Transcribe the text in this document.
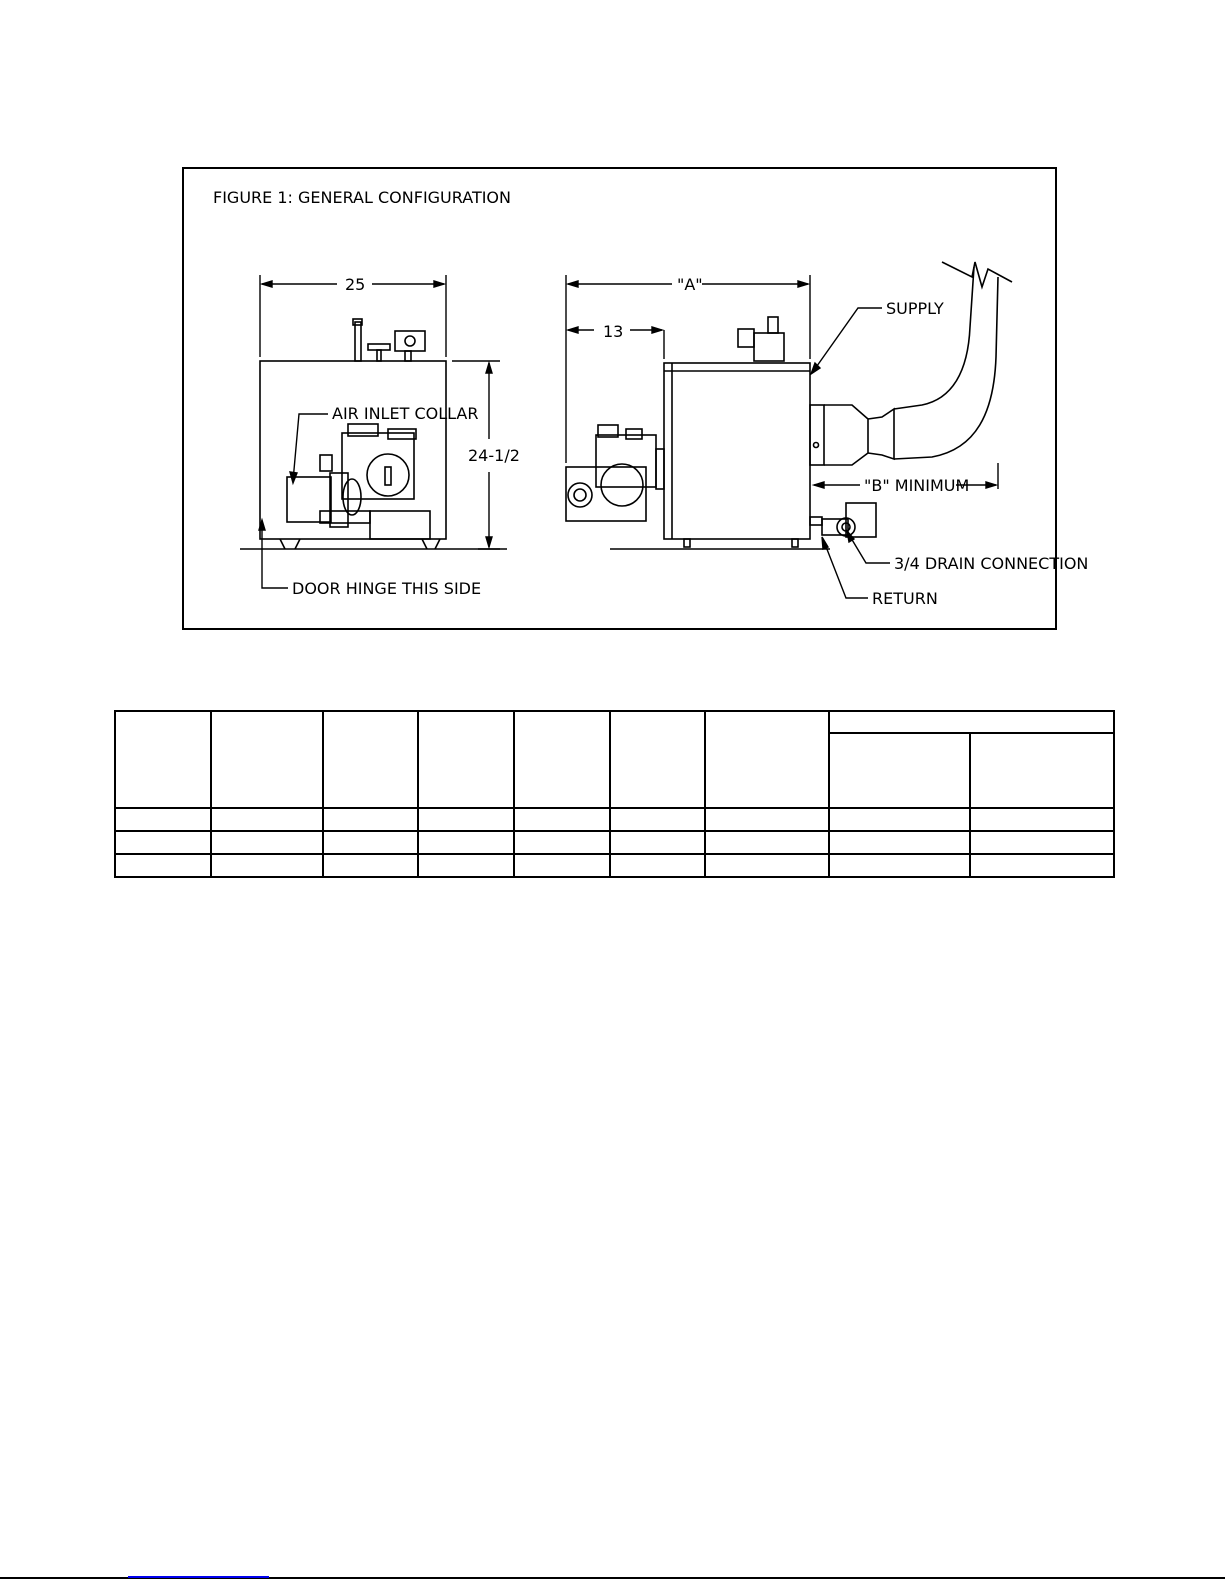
FIGURE 1: GENERAL CONFIGURATION
25
24-1/2
AIR INLET COLLAR
DOOR HINGE THIS SIDE
"A"
13
"B" MINIMUM
SUPPLY
3/4 DRAIN CONNECTION
RETURN
